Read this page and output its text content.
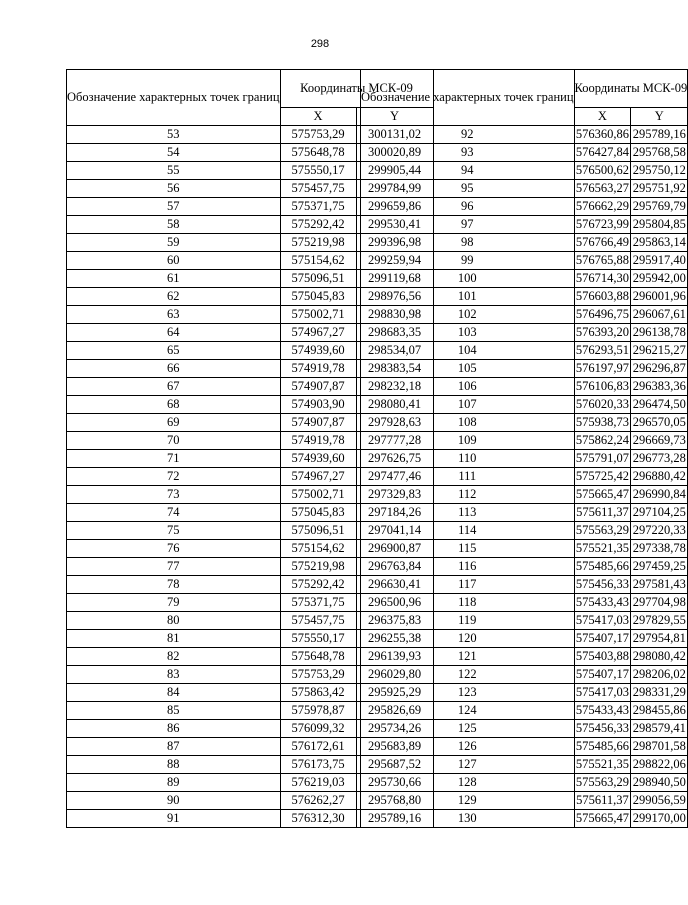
298
Обозначение характерных точек границ	Координаты МСК-09	
	X	Y
53	575753,29	300131,02
54	575648,78	300020,89
55	575550,17	299905,44
56	575457,75	299784,99
57	575371,75	299659,86
58	575292,42	299530,41
59	575219,98	299396,98
60	575154,62	299259,94
61	575096,51	299119,68
62	575045,83	298976,56
63	575002,71	298830,98
64	574967,27	298683,35
65	574939,60	298534,07
66	574919,78	298383,54
67	574907,87	298232,18
68	574903,90	298080,41
69	574907,87	297928,63
70	574919,78	297777,28
71	574939,60	297626,75
72	574967,27	297477,46
73	575002,71	297329,83
74	575045,83	297184,26
75	575096,51	297041,14
76	575154,62	296900,87
77	575219,98	296763,84
78	575292,42	296630,41
79	575371,75	296500,96
80	575457,75	296375,83
81	575550,17	296255,38
82	575648,78	296139,93
83	575753,29	296029,80
84	575863,42	295925,29
85	575978,87	295826,69
86	576099,32	295734,26
87	576172,61	295683,89
88	576173,75	295687,52
89	576219,03	295730,66
90	576262,27	295768,80
91	576312,30	295789,16
Обозначение характерных точек границ	Координаты МСК-09	
	X	Y
92	576360,86	295789,16
93	576427,84	295768,58
94	576500,62	295750,12
95	576563,27	295751,92
96	576662,29	295769,79
97	576723,99	295804,85
98	576766,49	295863,14
99	576765,88	295917,40
100	576714,30	295942,00
101	576603,88	296001,96
102	576496,75	296067,61
103	576393,20	296138,78
104	576293,51	296215,27
105	576197,97	296296,87
106	576106,83	296383,36
107	576020,33	296474,50
108	575938,73	296570,05
109	575862,24	296669,73
110	575791,07	296773,28
111	575725,42	296880,42
112	575665,47	296990,84
113	575611,37	297104,25
114	575563,29	297220,33
115	575521,35	297338,78
116	575485,66	297459,25
117	575456,33	297581,43
118	575433,43	297704,98
119	575417,03	297829,55
120	575407,17	297954,81
121	575403,88	298080,42
122	575407,17	298206,02
123	575417,03	298331,29
124	575433,43	298455,86
125	575456,33	298579,41
126	575485,66	298701,58
127	575521,35	298822,06
128	575563,29	298940,50
129	575611,37	299056,59
130	575665,47	299170,00
